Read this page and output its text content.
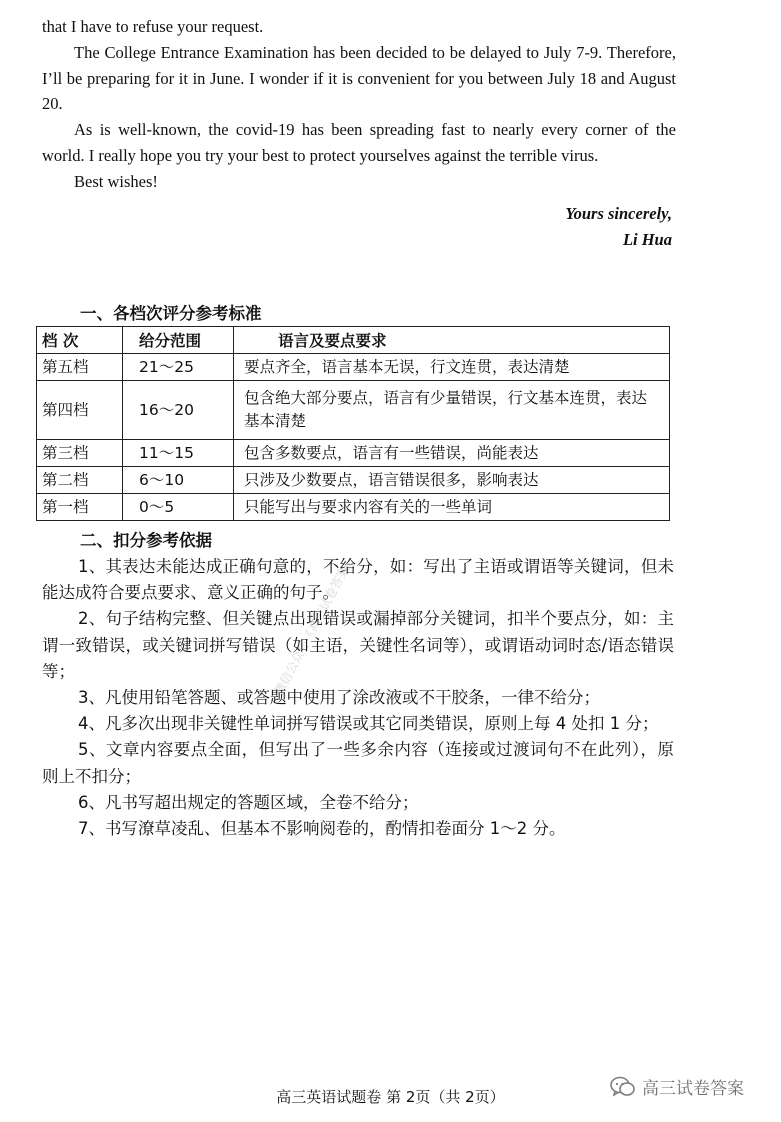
that I have to refuse your request.

The College Entrance Examination has been decided to be delayed to July 7-9. Therefore, I’ll be preparing for it in June. I wonder if it is convenient for you between July 18 and August 20.

As is well-known, the covid-19 has been spreading fast to nearly every corner of the world. I really hope you try your best to protect yourselves against the terrible virus.

Best wishes!

Yours sincerely,
Li Hua
一、各档次评分参考标准
档 次	给分范围	语言及要点要求
第五档	21～25	要点齐全，语言基本无误，行文连贯，表达清楚
第四档	16～20	包含绝大部分要点，语言有少量错误，行文基本连贯，表达基本清楚
第三档	11～15	包含多数要点，语言有一些错误，尚能表达
第二档	6～10	只涉及少数要点，语言错误很多，影响表达
第一档	0～5	只能写出与要求内容有关的一些单词
二、扣分参考依据

1、其表达未能达成正确句意的，不给分，如：写出了主语或谓语等关键词，但未能达成符合要点要求、意义正确的句子。

2、句子结构完整、但关键点出现错误或漏掉部分关键词，扣半个要点分，如：主谓一致错误，或关键词拼写错误（如主语，关键性名词等），或谓语动词时态/语态错误等；

3、凡使用铅笔答题、或答题中使用了涂改液或不干胶条，一律不给分；

4、凡多次出现非关键性单词拼写错误或其它同类错误，原则上每 4 处扣 1 分；

5、文章内容要点全面，但写出了一些多余内容（连接或过渡词句不在此列），原则上不扣分；

6、凡书写超出规定的答题区域，全卷不给分；

7、书写潦草凌乱、但基本不影响阅卷的，酌情扣卷面分 1～2 分。

微信公众号《高三试卷答案》
高三英语试题卷 第 2页（共 2页）	高三试卷答案
